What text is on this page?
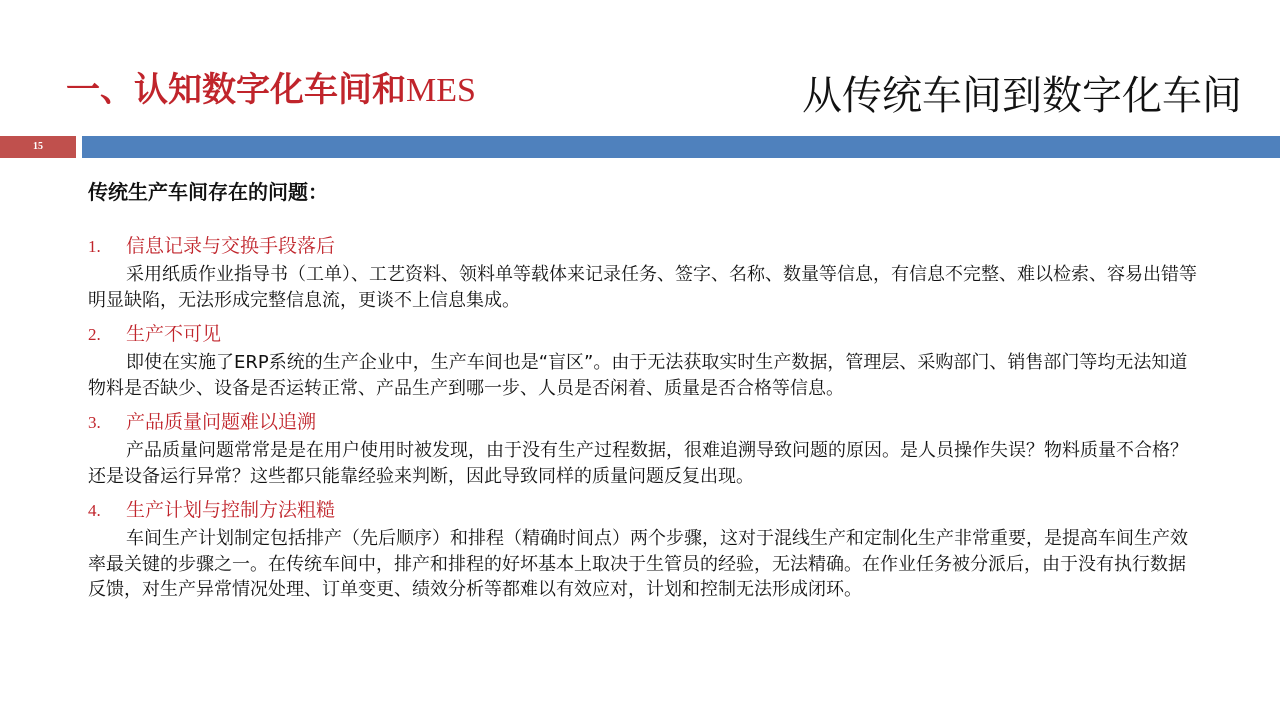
一、认知数字化车间和MES	从传统车间到数字化车间
15
传统生产车间存在的问题：
1. 信息记录与交换手段落后
采用纸质作业指导书（工单）、工艺资料、领料单等载体来记录任务、签字、名称、数量等信息，有信息不完整、难以检索、容易出错等明显缺陷，无法形成完整信息流，更谈不上信息集成。
2. 生产不可见
即使在实施了ERP系统的生产企业中，生产车间也是“盲区”。由于无法获取实时生产数据，管理层、采购部门、销售部门等均无法知道物料是否缺少、设备是否运转正常、产品生产到哪一步、人员是否闲着、质量是否合格等信息。
3. 产品质量问题难以追溯
产品质量问题常常是是在用户使用时被发现，由于没有生产过程数据，很难追溯导致问题的原因。是人员操作失误？物料质量不合格？还是设备运行异常？这些都只能靠经验来判断，因此导致同样的质量问题反复出现。
4. 生产计划与控制方法粗糙
车间生产计划制定包括排产（先后顺序）和排程（精确时间点）两个步骤，这对于混线生产和定制化生产非常重要，是提高车间生产效率最关键的步骤之一。在传统车间中，排产和排程的好坏基本上取决于生管员的经验，无法精确。在作业任务被分派后，由于没有执行数据反馈，对生产异常情况处理、订单变更、绩效分析等都难以有效应对，计划和控制无法形成闭环。
